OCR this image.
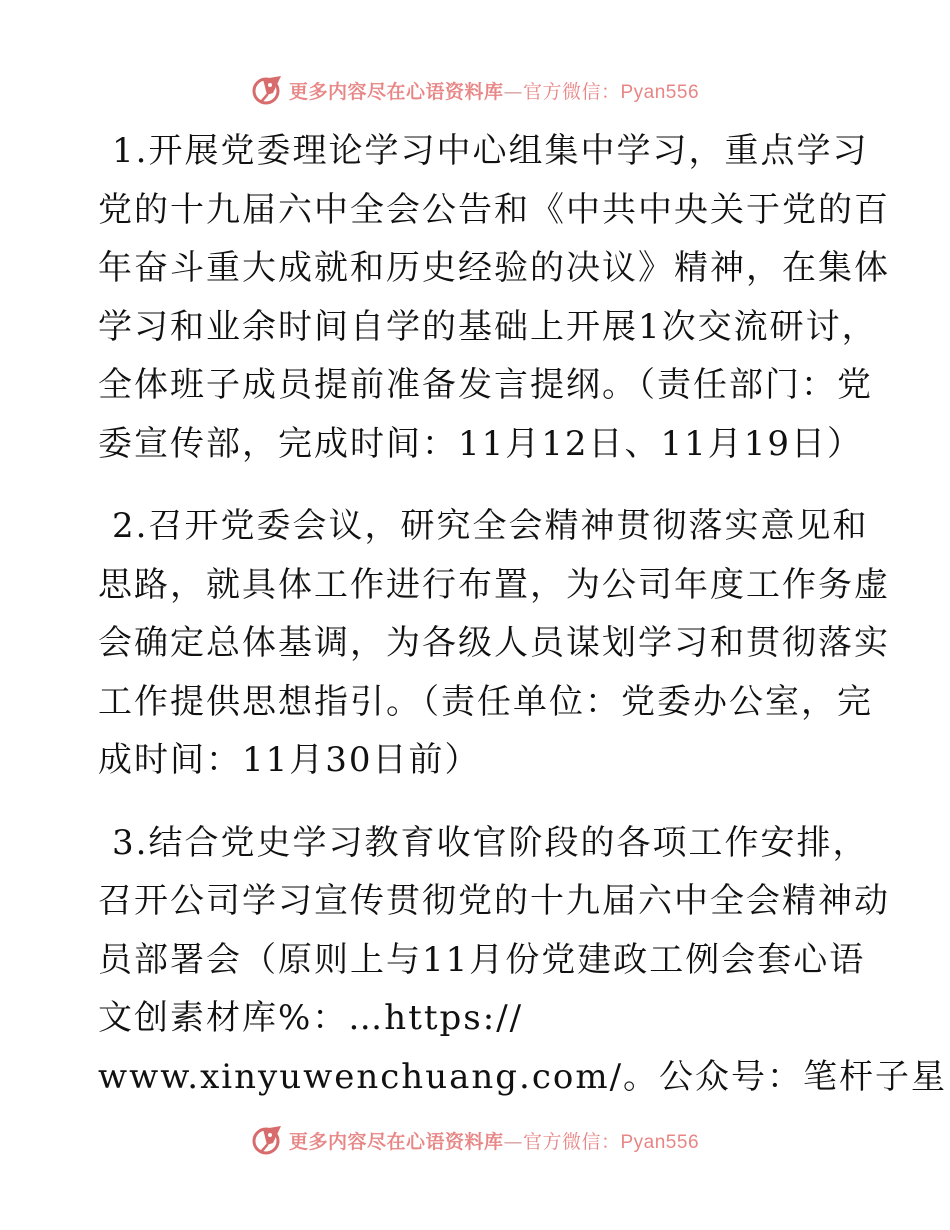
更多内容尽在心语资料库—官方微信：Pyan556
1.开展党委理论学习中心组集中学习，重点学习
党的十九届六中全会公告和《中共中央关于党的百
年奋斗重大成就和历史经验的决议》精神，在集体
学习和业余时间自学的基础上开展1次交流研讨，
全体班子成员提前准备发言提纲。（责任部门：党
委宣传部，完成时间：11月12日、11月19日）
2.召开党委会议，研究全会精神贯彻落实意见和
思路，就具体工作进行布置，为公司年度工作务虚
会确定总体基调，为各级人员谋划学习和贯彻落实
工作提供思想指引。（责任单位：党委办公室，完
成时间：11月30日前）
3.结合党史学习教育收官阶段的各项工作安排，
召开公司学习宣传贯彻党的十九届六中全会精神动
员部署会（原则上与11月份党建政工例会套心语
文创素材库%：…https://
www.xinyuwenchuang.com/。公众号：笔杆子星
更多内容尽在心语资料库—官方微信：Pyan556
